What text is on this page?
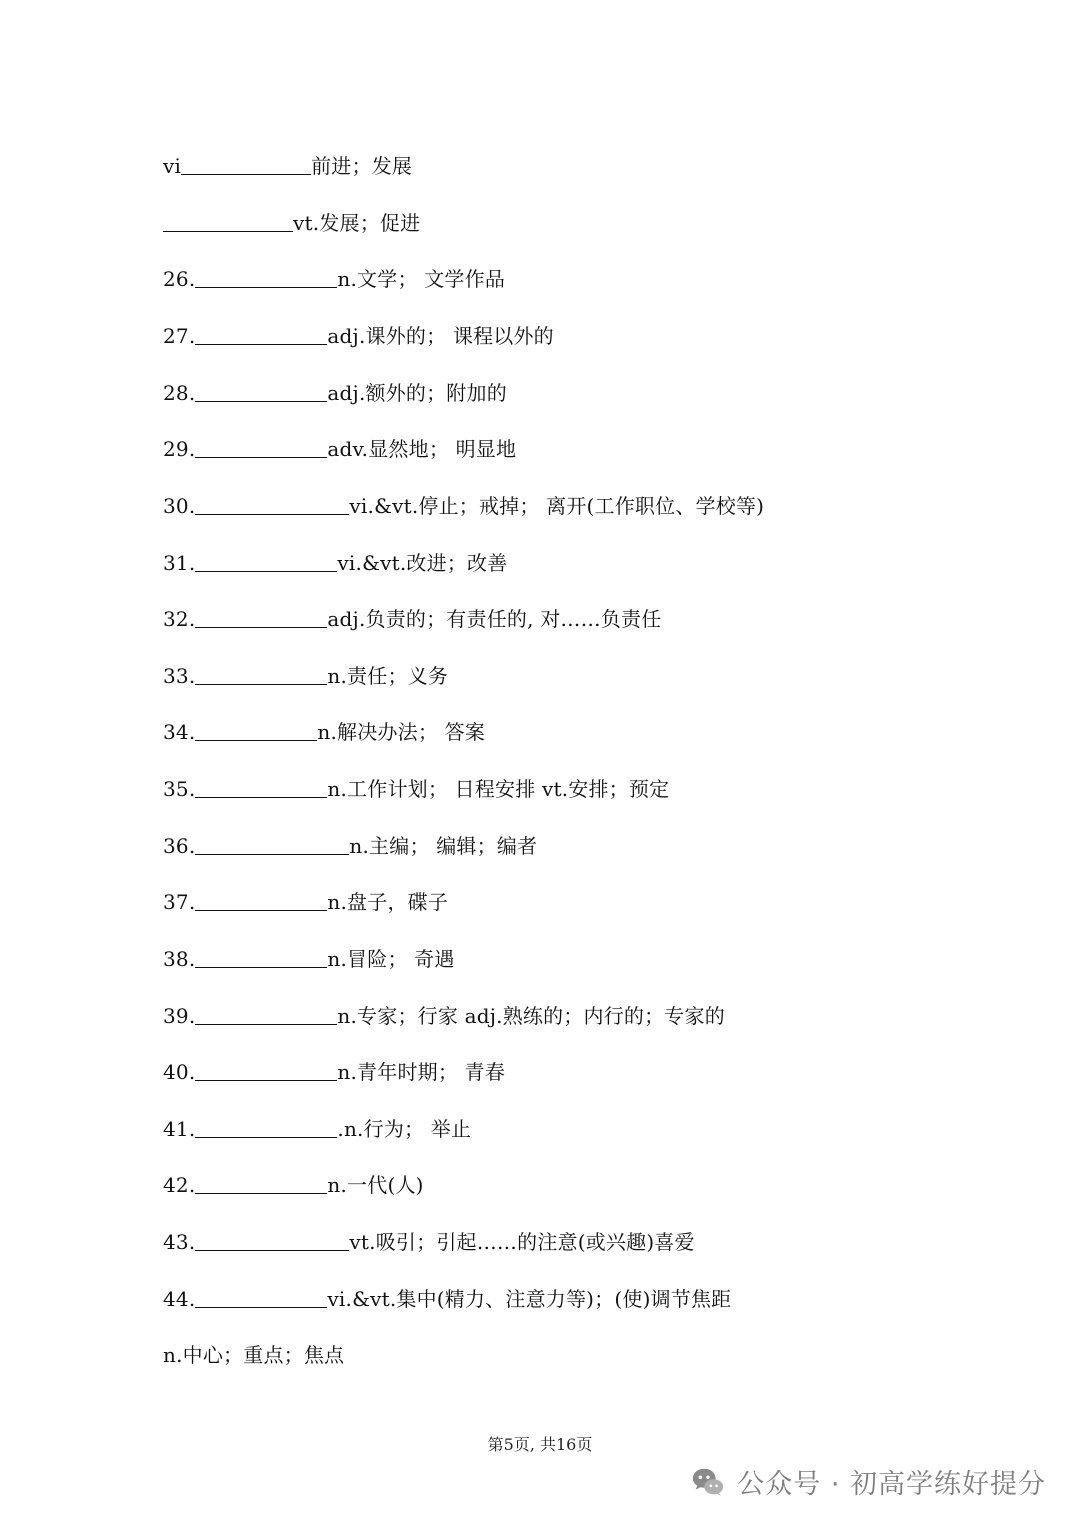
vi	前进；发展
vt.发展；促进
26.	n.文学； 文学作品
27.	adj.课外的； 课程以外的
28.	adj.额外的；附加的
29.	adv.显然地； 明显地
30.	vi.&vt.停止；戒掉； 离开(工作职位、学校等)
31.	vi.&vt.改进；改善
32.	adj.负责的；有责任的, 对……负责任
33.	n.责任；义务
34.	n.解决办法； 答案
35.	n.工作计划； 日程安排 vt.安排；预定
36.	n.主编； 编辑；编者
37.	n.盘子，碟子
38.	n.冒险； 奇遇
39.	n.专家；行家 adj.熟练的；内行的；专家的
40.	n.青年时期； 青春
41.	.n.行为； 举止
42.	n.一代(人)
43.	vt.吸引；引起……的注意(或兴趣)喜爱
44.	vi.&vt.集中(精力、注意力等)；(使)调节焦距
n.中心；重点；焦点
第5页, 共16页
公众号 · 初高学练好提分
